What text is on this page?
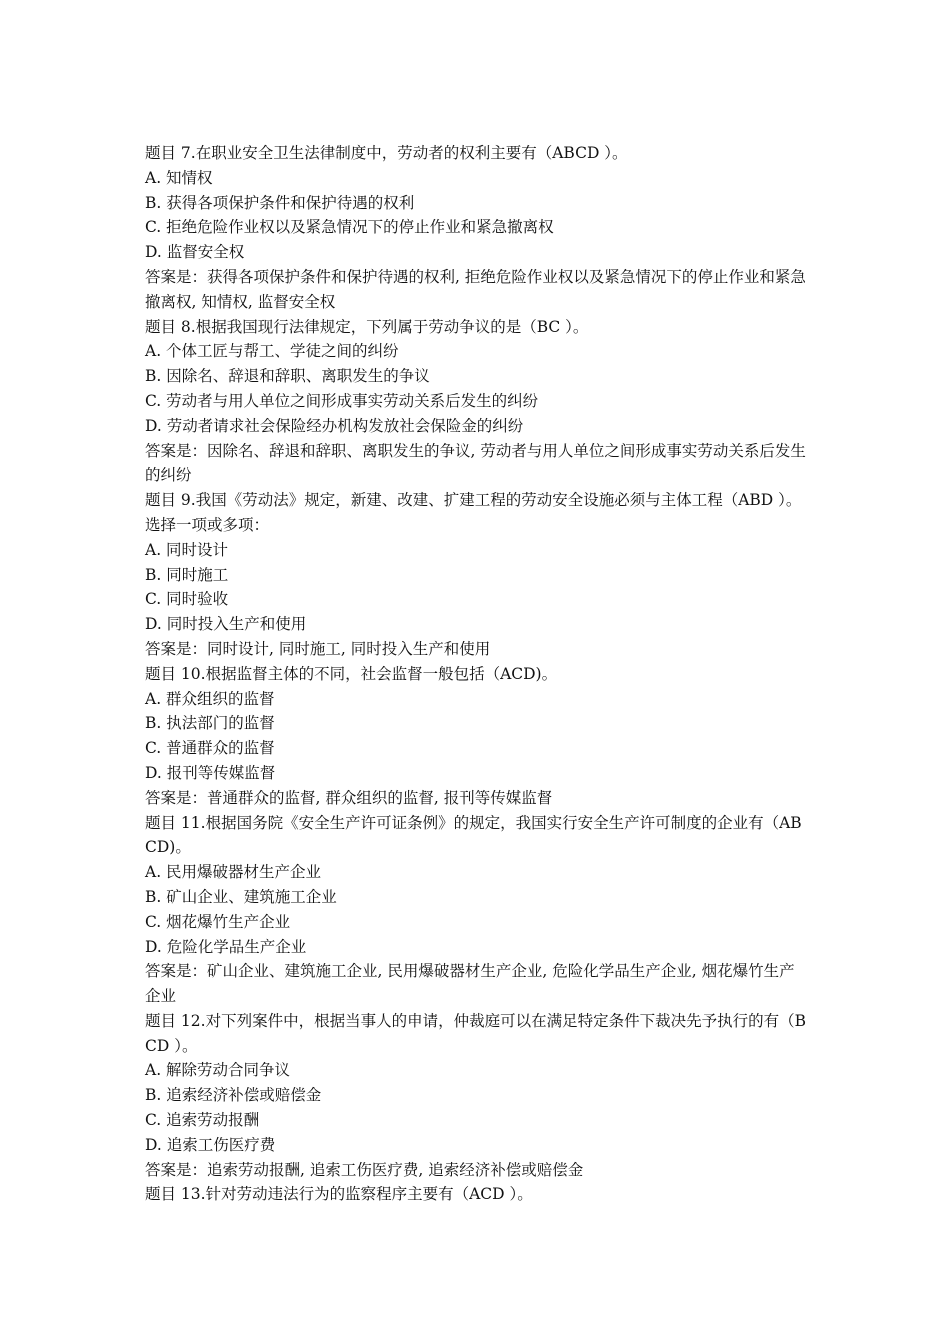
题目 7.在职业安全卫生法律制度中，劳动者的权利主要有（ABCD ）。

A. 知情权

B. 获得各项保护条件和保护待遇的权利

C. 拒绝危险作业权以及紧急情况下的停止作业和紧急撤离权

D. 监督安全权

答案是：获得各项保护条件和保护待遇的权利, 拒绝危险作业权以及紧急情况下的停止作业和紧急撤离权, 知情权, 监督安全权

题目 8.根据我国现行法律规定，下列属于劳动争议的是（BC ）。

A. 个体工匠与帮工、学徒之间的纠纷

B. 因除名、辞退和辞职、离职发生的争议

C. 劳动者与用人单位之间形成事实劳动关系后发生的纠纷

D. 劳动者请求社会保险经办机构发放社会保险金的纠纷

答案是：因除名、辞退和辞职、离职发生的争议, 劳动者与用人单位之间形成事实劳动关系后发生的纠纷

题目 9.我国《劳动法》规定，新建、改建、扩建工程的劳动安全设施必须与主体工程（ABD ）。

选择一项或多项：

A. 同时设计

B. 同时施工

C. 同时验收

D. 同时投入生产和使用

答案是：同时设计, 同时施工, 同时投入生产和使用

题目 10.根据监督主体的不同，社会监督一般包括（ACD)。

A. 群众组织的监督

B. 执法部门的监督

C. 普通群众的监督

D. 报刊等传媒监督

答案是：普通群众的监督, 群众组织的监督, 报刊等传媒监督

题目 11.根据国务院《安全生产许可证条例》的规定，我国实行安全生产许可制度的企业有（ABCD)。

A. 民用爆破器材生产企业

B. 矿山企业、建筑施工企业

C. 烟花爆竹生产企业

D. 危险化学品生产企业

答案是：矿山企业、建筑施工企业, 民用爆破器材生产企业, 危险化学品生产企业, 烟花爆竹生产企业

题目 12.对下列案件中，根据当事人的申请，仲裁庭可以在满足特定条件下裁决先予执行的有（BCD ）。

A. 解除劳动合同争议

B. 追索经济补偿或赔偿金

C. 追索劳动报酬

D. 追索工伤医疗费

答案是：追索劳动报酬, 追索工伤医疗费, 追索经济补偿或赔偿金

题目 13.针对劳动违法行为的监察程序主要有（ACD ）。
